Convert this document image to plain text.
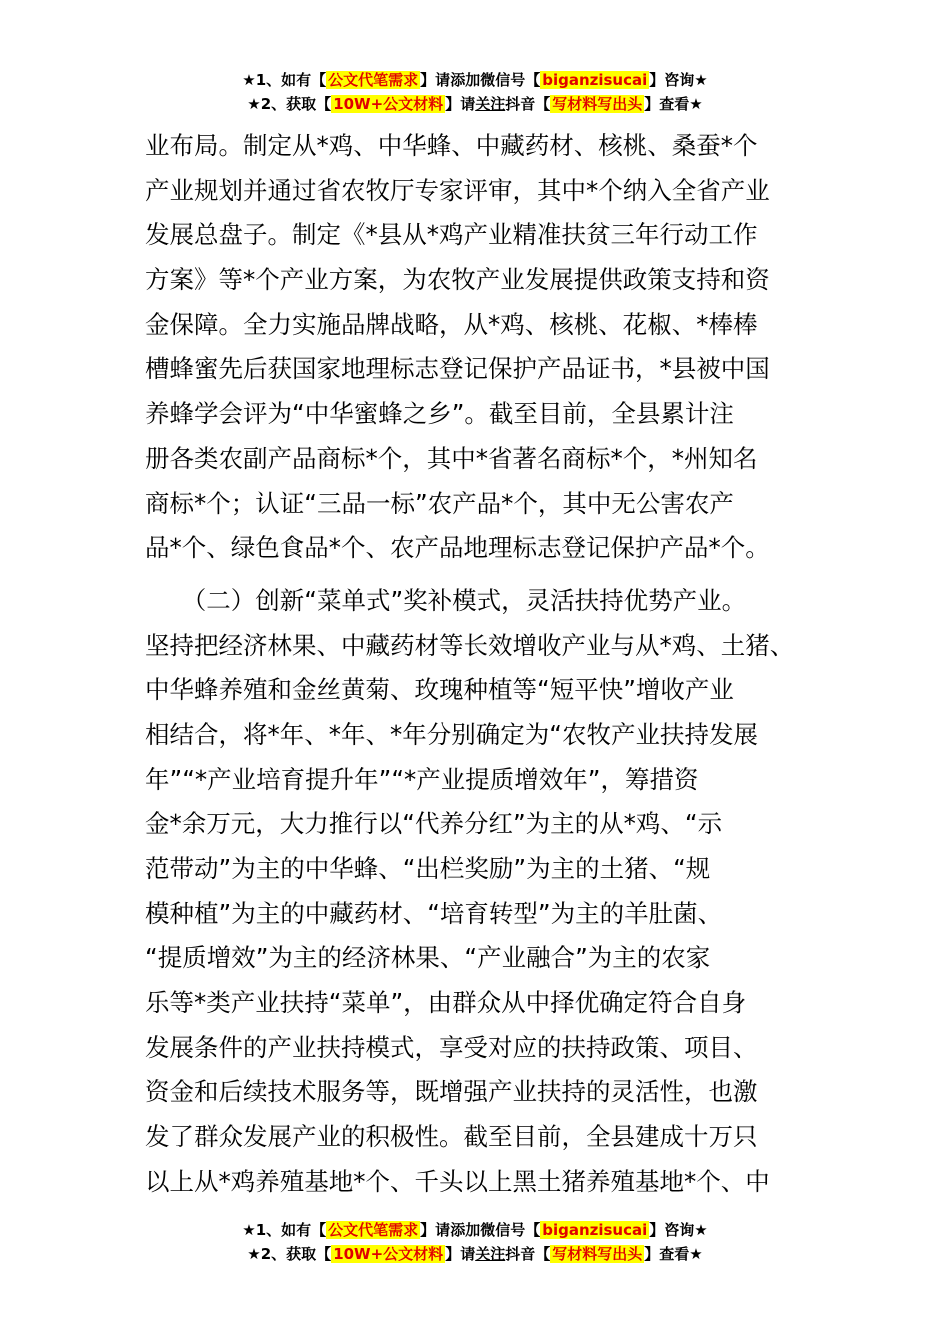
★1、如有【 公文代笔需求 】请添加微信号【 biganzisucai 】咨询★
★2、获取【 10W+公文材料 】请关注抖音【 写材料写出头 】查看★
业布局。制定从*鸡、中华蜂、中藏药材、核桃、桑蚕*个
产业规划并通过省农牧厅专家评审，其中*个纳入全省产业
发展总盘子。制定《*县从*鸡产业精准扶贫三年行动工作
方案》等*个产业方案，为农牧产业发展提供政策支持和资
金保障。全力实施品牌战略，从*鸡、核桃、花椒、*棒棒
槽蜂蜜先后获国家地理标志登记保护产品证书，*县被中国
养蜂学会评为“中华蜜蜂之乡”。截至目前，全县累计注
册各类农副产品商标*个，其中*省著名商标*个，*州知名
商标*个；认证“三品一标”农产品*个，其中无公害农产
品*个、绿色食品*个、农产品地理标志登记保护产品*个。
　　（二）创新“菜单式”奖补模式，灵活扶持优势产业。
坚持把经济林果、中藏药材等长效增收产业与从*鸡、土猪、
中华蜂养殖和金丝黄菊、玫瑰种植等“短平快”增收产业
相结合，将*年、*年、*年分别确定为“农牧产业扶持发展
年”“*产业培育提升年”“*产业提质增效年”，筹措资
金*余万元，大力推行以“代养分红”为主的从*鸡、“示
范带动”为主的中华蜂、“出栏奖励”为主的土猪、“规
模种植”为主的中藏药材、“培育转型”为主的羊肚菌、
“提质增效”为主的经济林果、“产业融合”为主的农家
乐等*类产业扶持“菜单”，由群众从中择优确定符合自身
发展条件的产业扶持模式，享受对应的扶持政策、项目、
资金和后续技术服务等，既增强产业扶持的灵活性，也激
发了群众发展产业的积极性。截至目前，全县建成十万只
以上从*鸡养殖基地*个、千头以上黑土猪养殖基地*个、中
★1、如有【 公文代笔需求 】请添加微信号【 biganzisucai 】咨询★
★2、获取【 10W+公文材料 】请关注抖音【 写材料写出头 】查看★
